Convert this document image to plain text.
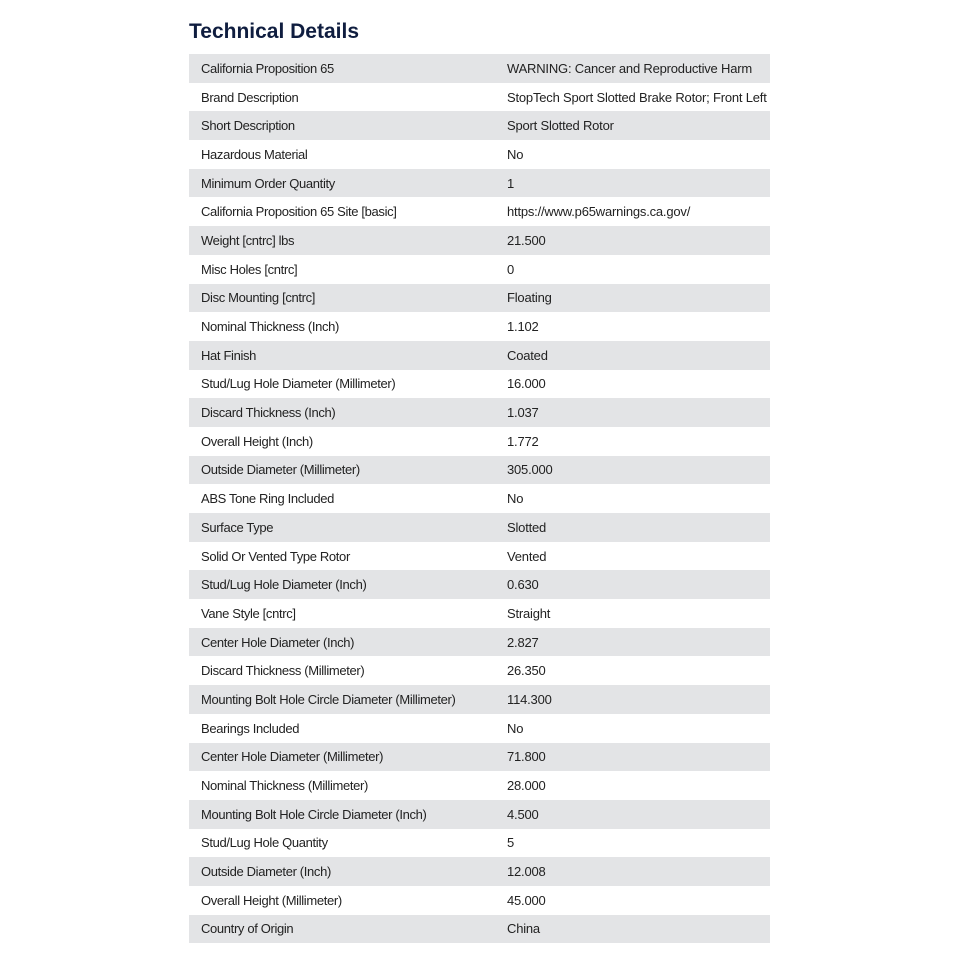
Technical Details
California Proposition 65	WARNING: Cancer and Reproductive Harm
Brand Description	StopTech Sport Slotted Brake Rotor; Front Left
Short Description	Sport Slotted Rotor
Hazardous Material	No
Minimum Order Quantity	1
California Proposition 65 Site [basic]	https://www.p65warnings.ca.gov/
Weight [cntrc] lbs	21.500
Misc Holes [cntrc]	0
Disc Mounting [cntrc]	Floating
Nominal Thickness (Inch)	1.102
Hat Finish	Coated
Stud/Lug Hole Diameter (Millimeter)	16.000
Discard Thickness (Inch)	1.037
Overall Height (Inch)	1.772
Outside Diameter (Millimeter)	305.000
ABS Tone Ring Included	No
Surface Type	Slotted
Solid Or Vented Type Rotor	Vented
Stud/Lug Hole Diameter (Inch)	0.630
Vane Style [cntrc]	Straight
Center Hole Diameter (Inch)	2.827
Discard Thickness (Millimeter)	26.350
Mounting Bolt Hole Circle Diameter (Millimeter)	114.300
Bearings Included	No
Center Hole Diameter (Millimeter)	71.800
Nominal Thickness (Millimeter)	28.000
Mounting Bolt Hole Circle Diameter (Inch)	4.500
Stud/Lug Hole Quantity	5
Outside Diameter (Inch)	12.008
Overall Height (Millimeter)	45.000
Country of Origin	China
